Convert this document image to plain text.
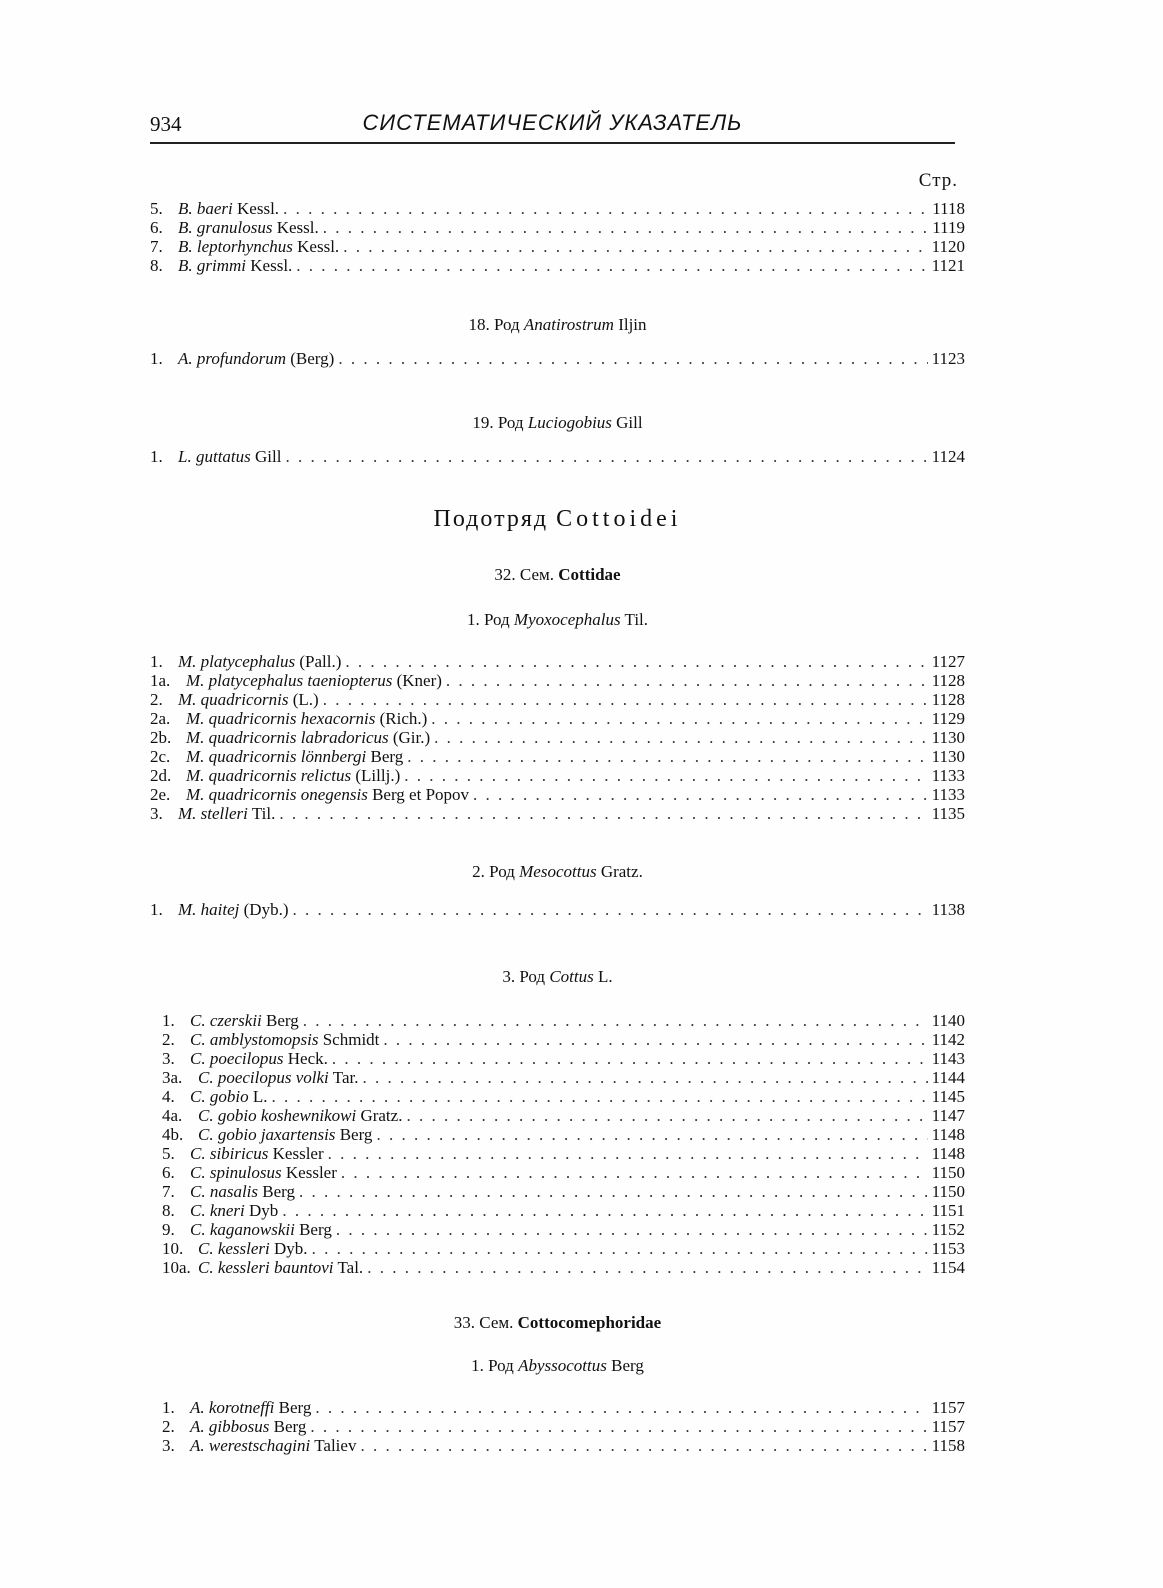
934	СИСТЕМАТИЧЕСКИЙ УКАЗАТЕЛЬ
Стр.
5. B. baeri Kessl. . . .	1118
6. B. granulosus Kessl. . . .	1119
7. B. leptorhynchus Kessl. . . .	1120
8. B. grimmi Kessl. . . .	1121

18. Род Anatirostrum Iljin

1. A. profundorum (Berg) . . .	1123

19. Род Luciogobius Gill

1. L. guttatus Gill . . .	1124

Подотряд Cottoidei

32. Сем. Cottidae

1. Род Myoxocephalus Til.

1. M. platycephalus (Pall.) . . .	1127
1a. M. platycephalus taeniopterus (Kner) . . .	1128
2. M. quadricornis (L.) . . .	1128
2a. M. quadricornis hexacornis (Rich.) . . .	1129
2b. M. quadricornis labradoricus (Gir.) . . .	1130
2c. M. quadricornis lönnbergi Berg . . .	1130
2d. M. quadricornis relictus (Lillj.) . . .	1133
2e. M. quadricornis onegensis Berg et Popov . . .	1133
3. M. stelleri Til. . . .	1135

2. Род Mesocottus Gratz.

1. M. haitej (Dyb.) . . .	1138

3. Род Cottus L.

1. C. czerskii Berg . . .	1140
2. C. amblystomopsis Schmidt . . .	1142
3. C. poecilopus Heck. . . .	1143
3a. C. poecilopus volki Tar. . . .	1144
4. C. gobio L. . . .	1145
4a. C. gobio koshewnikowi Gratz. . . .	1147
4b. C. gobio jaxartensis Berg . . .	1148
5. C. sibiricus Kessler . . .	1148
6. C. spinulosus Kessler . . .	1150
7. C. nasalis Berg . . .	1150
8. C. kneri Dyb . . .	1151
9. C. kaganowskii Berg . . .	1152
10. C. kessleri Dyb. . . .	1153
10a. C. kessleri bauntovi Tal. . . .	1154

33. Сем. Cottocomephoridae

1. Род Abyssocottus Berg

1. A. korotneffi Berg . . .	1157
2. A. gibbosus Berg . . .	1157
3. A. werestschagini Taliev . . .	1158
